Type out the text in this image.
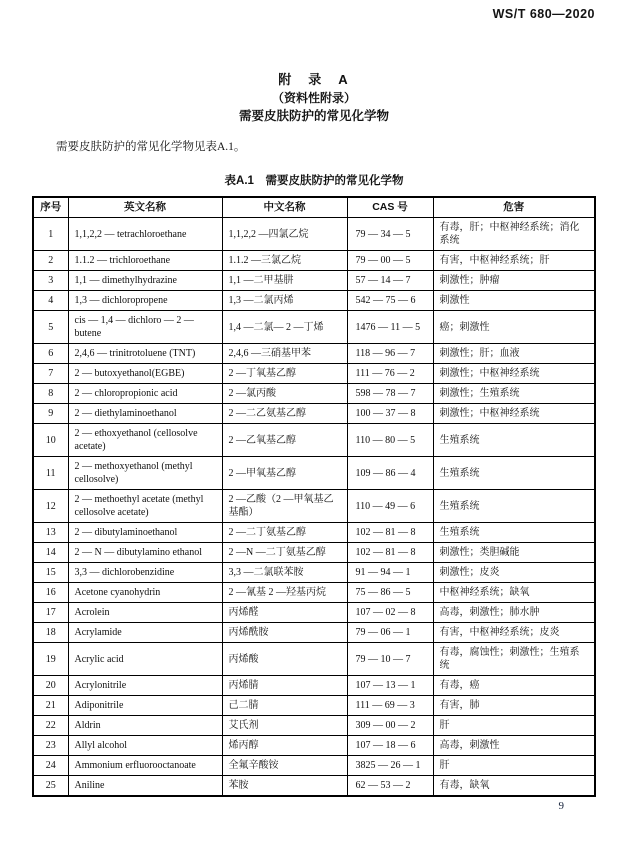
WS/T 680—2020
附　录　A
（资料性附录）
需要皮肤防护的常见化学物

需要皮肤防护的常见化学物见表A.1。

表A.1　需要皮肤防护的常见化学物
序号	英文名称	中文名称	CAS 号	危害
1	1,1,2,2 — tetrachloroethane	1,1,2,2 —四氯乙烷	79 — 34 — 5	有毒，肝；中枢神经系统；消化系统
2	1.1.2 — trichloroethane	1.1.2 —三氯乙烷	79 — 00 — 5	有害，中枢神经系统；肝
3	1,1 — dimethylhydrazine	1,1 —二甲基肼	57 — 14 — 7	刺激性；肿瘤
4	1,3 — dichloropropene	1,3 —二氯丙烯	542 — 75 — 6	刺激性
5	cis — 1,4 — dichloro — 2 — butene	1,4 —二氯— 2 —丁烯	1476 — 11 — 5	癌；刺激性
6	2,4,6 — trinitrotoluene (TNT)	2,4,6 —三硝基甲苯	118 — 96 — 7	刺激性；肝；血液
7	2 — butoxyethanol(EGBE)	2 —丁氧基乙醇	111 — 76 — 2	刺激性；中枢神经系统
8	2 — chloropropionic acid	2 —氯丙酸	598 — 78 — 7	刺激性；生殖系统
9	2 — diethylaminoethanol	2 —二乙氨基乙醇	100 — 37 — 8	刺激性；中枢神经系统
10	2 — ethoxyethanol (cellosolve acetate)	2 —乙氧基乙醇	110 — 80 — 5	生殖系统
11	2 — methoxyethanol (methyl cellosolve)	2 —甲氧基乙醇	109 — 86 — 4	生殖系统
12	2 — methoethyl acetate (methyl cellosolve acetate)	2 —乙酸（2 —甲氧基乙基酯）	110 — 49 — 6	生殖系统
13	2 — dibutylaminoethanol	2 —二丁氨基乙醇	102 — 81 — 8	生殖系统
14	2 — N — dibutylamino ethanol	2 —N —二丁氨基乙醇	102 — 81 — 8	刺激性；类胆碱能
15	3,3 — dichlorobenzidine	3,3 —二氯联苯胺	91 — 94 — 1	刺激性；皮炎
16	Acetone cyanohydrin	2 —氰基 2 —羟基丙烷	75 — 86 — 5	中枢神经系统；缺氧
17	Acrolein	丙烯醛	107 — 02 — 8	高毒，刺激性；肺水肿
18	Acrylamide	丙烯酰胺	79 — 06 — 1	有害，中枢神经系统；皮炎
19	Acrylic acid	丙烯酸	79 — 10 — 7	有毒，腐蚀性；刺激性；生殖系统
20	Acrylonitrile	丙烯腈	107 — 13 — 1	有毒，癌
21	Adiponitrile	己二腈	111 — 69 — 3	有害，肺
22	Aldrin	艾氏剂	309 — 00 — 2	肝
23	Allyl alcohol	烯丙醇	107 — 18 — 6	高毒，刺激性
24	Ammonium erfluorooctanoate	全氟辛酸铵	3825 — 26 — 1	肝
25	Aniline	苯胺	62 — 53 — 2	有毒，缺氧
9
